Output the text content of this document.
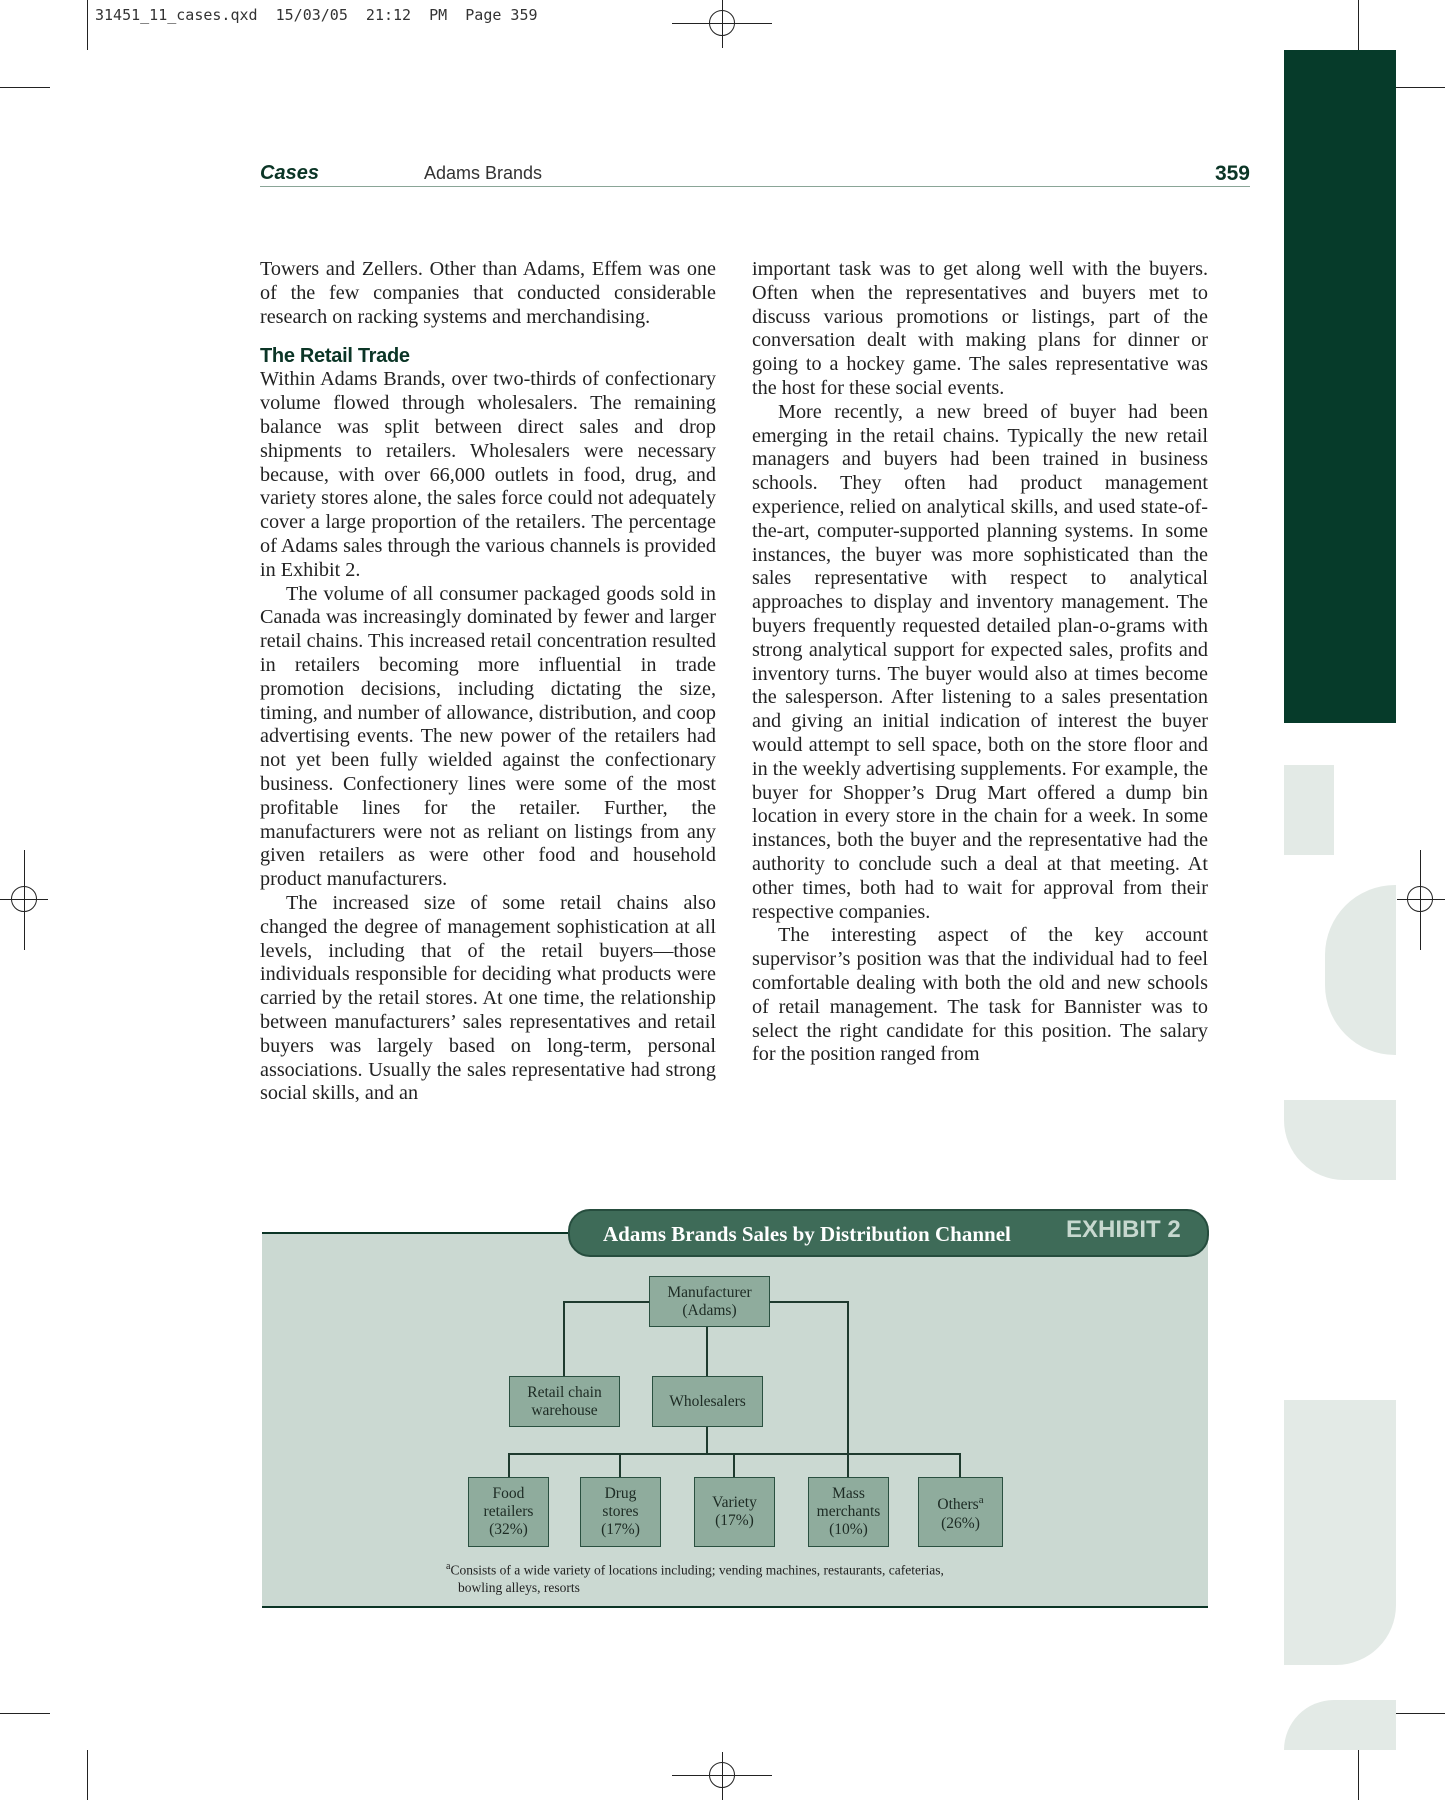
31451_11_cases.qxd  15/03/05  21:12  PM  Page 359
Cases	Adams Brands	359

Towers and Zellers. Other than Adams, Effem was one of the few companies that conducted considerable research on racking systems and merchandising.

The Retail Trade

Within Adams Brands, over two-thirds of confectionary volume flowed through wholesalers. The remaining balance was split between direct sales and drop shipments to retailers. Wholesalers were necessary because, with over 66,000 outlets in food, drug, and variety stores alone, the sales force could not adequately cover a large proportion of the retailers. The percentage of Adams sales through the various channels is provided in Exhibit 2.

The volume of all consumer packaged goods sold in Canada was increasingly dominated by fewer and larger retail chains. This increased retail concentration resulted in retailers becoming more influential in trade promotion decisions, including dictating the size, timing, and number of allowance, distribution, and coop advertising events. The new power of the retailers had not yet been fully wielded against the confectionary business. Confectionery lines were some of the most profitable lines for the retailer. Further, the manufacturers were not as reliant on listings from any given retailers as were other food and household product manufacturers.

The increased size of some retail chains also changed the degree of management sophistication at all levels, including that of the retail buyers—those individuals responsible for deciding what products were carried by the retail stores. At one time, the relationship between manufacturers’ sales representatives and retail buyers was largely based on long-term, personal associations. Usually the sales representative had strong social skills, and an

important task was to get along well with the buyers. Often when the representatives and buyers met to discuss various promotions or listings, part of the conversation dealt with making plans for dinner or going to a hockey game. The sales representative was the host for these social events.

More recently, a new breed of buyer had been emerging in the retail chains. Typically the new retail managers and buyers had been trained in business schools. They often had product management experience, relied on analytical skills, and used state-of-the-art, computer-supported planning systems. In some instances, the buyer was more sophisticated than the sales representative with respect to analytical approaches to display and inventory management. The buyers frequently requested detailed plan-o-grams with strong analytical support for expected sales, profits and inventory turns. The buyer would also at times become the salesperson. After listening to a sales presentation and giving an initial indication of interest the buyer would attempt to sell space, both on the store floor and in the weekly advertising supplements. For example, the buyer for Shopper’s Drug Mart offered a dump bin location in every store in the chain for a week. In some instances, both the buyer and the representative had the authority to conclude such a deal at that meeting. At other times, both had to wait for approval from their respective companies.

The interesting aspect of the key account supervisor’s position was that the individual had to feel comfortable dealing with both the old and new schools of retail management. The task for Bannister was to select the right candidate for this position. The salary for the position ranged from

Adams Brands Sales by Distribution Channel EXHIBIT 2
Manufacturer
(Adams)
Retail chain
warehouse
Wholesalers
Food
retailers
(32%)
Drug
stores
(17%)
Variety
(17%)
Mass
merchants
(10%)
Others$^a$
(26%)
$^a$Consists of a wide variety of locations including; vending machines, restaurants, cafeterias,
bowling alleys, resorts
